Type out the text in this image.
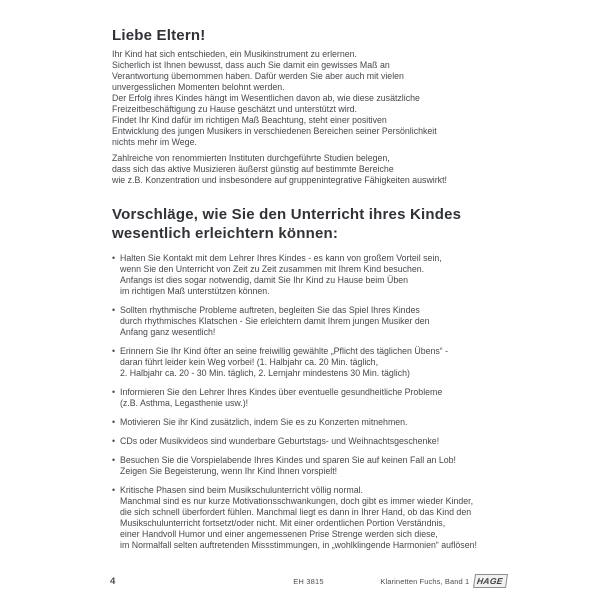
Liebe Eltern!

Ihr Kind hat sich entschieden, ein Musikinstrument zu erlernen.
Sicherlich ist Ihnen bewusst, dass auch Sie damit ein gewisses Maß an
Verantwortung übernommen haben. Dafür werden Sie aber auch mit vielen
unvergesslichen Momenten belohnt werden.
Der Erfolg ihres Kindes hängt im Wesentlichen davon ab, wie diese zusätzliche
Freizeitbeschäftigung zu Hause geschätzt und unterstützt wird.
Findet Ihr Kind dafür im richtigen Maß Beachtung, steht einer positiven
Entwicklung des jungen Musikers in verschiedenen Bereichen seiner Persönlichkeit
nichts mehr im Wege.

Zahlreiche von renommierten Instituten durchgeführte Studien belegen,
dass sich das aktive Musizieren äußerst günstig auf bestimmte Bereiche
wie z.B. Konzentration und insbesondere auf gruppenintegrative Fähigkeiten auswirkt!

Vorschläge, wie Sie den Unterricht ihres Kindes
wesentlich erleichtern können:
• Halten Sie Kontakt mit dem Lehrer Ihres Kindes - es kann von großem Vorteil sein,
wenn Sie den Unterricht von Zeit zu Zeit zusammen mit Ihrem Kind besuchen.
Anfangs ist dies sogar notwendig, damit Sie Ihr Kind zu Hause beim Üben
im richtigen Maß unterstützen können.
• Sollten rhythmische Probleme auftreten, begleiten Sie das Spiel Ihres Kindes
durch rhythmisches Klatschen - Sie erleichtern damit Ihrem jungen Musiker den
Anfang ganz wesentlich!
• Erinnern Sie Ihr Kind öfter an seine freiwillig gewählte „Pflicht des täglichen Übens“ -
daran führt leider kein Weg vorbei! (1. Halbjahr ca. 20 Min. täglich,
2. Halbjahr ca. 20 - 30 Min. täglich, 2. Lernjahr mindestens 30 Min. täglich)
• Informieren Sie den Lehrer Ihres Kindes über eventuelle gesundheitliche Probleme
(z.B. Asthma, Legasthenie usw.)!
• Motivieren Sie ihr Kind zusätzlich, indem Sie es zu Konzerten mitnehmen.
• CDs oder Musikvideos sind wunderbare Geburtstags- und Weihnachtsgeschenke!
• Besuchen Sie die Vorspielabende Ihres Kindes und sparen Sie auf keinen Fall an Lob!
Zeigen Sie Begeisterung, wenn Ihr Kind Ihnen vorspielt!
• Kritische Phasen sind beim Musikschulunterricht völlig normal.
Manchmal sind es nur kurze Motivationsschwankungen, doch gibt es immer wieder Kinder,
die sich schnell überfordert fühlen. Manchmal liegt es dann in Ihrer Hand, ob das Kind den
Musikschulunterricht fortsetzt/oder nicht. Mit einer ordentlichen Portion Verständnis,
einer Handvoll Humor und einer angemessenen Prise Strenge werden sich diese,
im Normalfall selten auftretenden Missstimmungen, in „wohlklingende Harmonien“ auflösen!
4	EH 3815	Klarinetten Fuchs, Band 1 HAGE
